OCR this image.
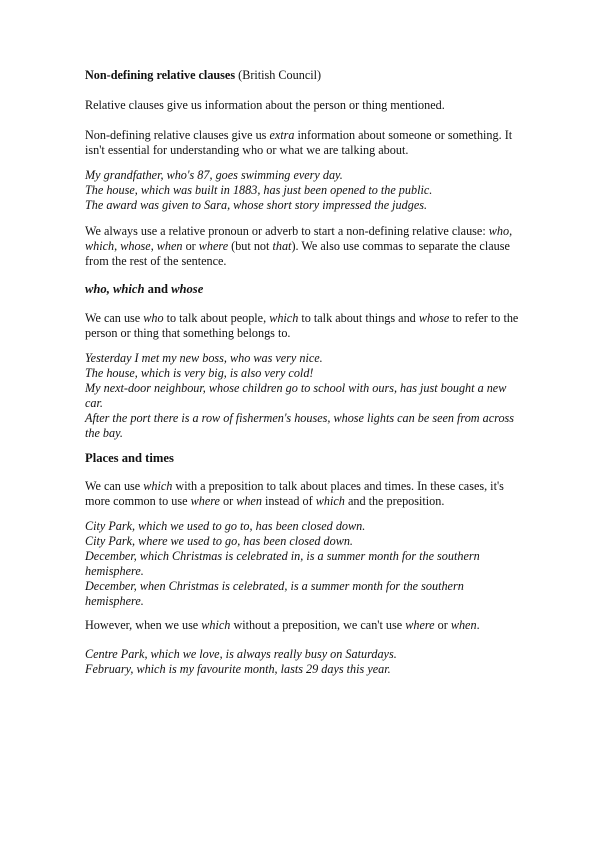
Non-defining relative clauses (British Council)

Relative clauses give us information about the person or thing mentioned.

Non-defining relative clauses give us extra information about someone or something. It isn't essential for understanding who or what we are talking about.

My grandfather, who's 87, goes swimming every day.
The house, which was built in 1883, has just been opened to the public.
The award was given to Sara, whose short story impressed the judges.

We always use a relative pronoun or adverb to start a non-defining relative clause: who, which, whose, when or where (but not that). We also use commas to separate the clause from the rest of the sentence.

who, which and whose

We can use who to talk about people, which to talk about things and whose to refer to the person or thing that something belongs to.

Yesterday I met my new boss, who was very nice.
The house, which is very big, is also very cold!
My next-door neighbour, whose children go to school with ours, has just bought a new car.
After the port there is a row of fishermen's houses, whose lights can be seen from across the bay.
Places and times

We can use which with a preposition to talk about places and times. In these cases, it's more common to use where or when instead of which and the preposition.

City Park, which we used to go to, has been closed down.
City Park, where we used to go, has been closed down.
December, which Christmas is celebrated in, is a summer month for the southern hemisphere.
December, when Christmas is celebrated, is a summer month for the southern hemisphere.

However, when we use which without a preposition, we can't use where or when.

Centre Park, which we love, is always really busy on Saturdays.
February, which is my favourite month, lasts 29 days this year.
